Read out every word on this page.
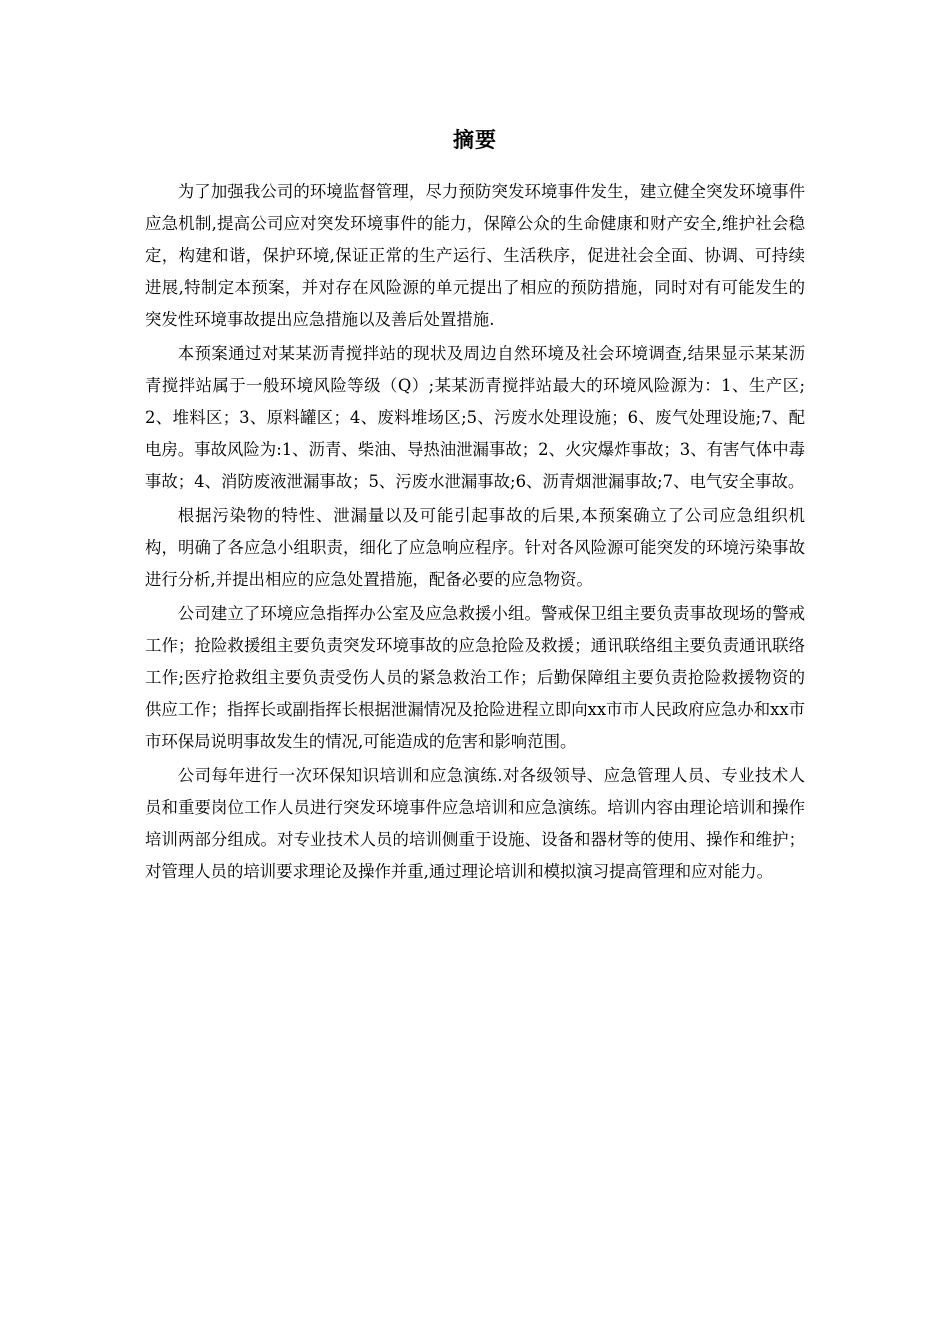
摘要

为了加强我公司的环境监督管理，尽力预防突发环境事件发生，建立健全突发环境事件应急机制,提高公司应对突发环境事件的能力，保障公众的生命健康和财产安全,维护社会稳定，构建和谐，保护环境,保证正常的生产运行、生活秩序，促进社会全面、协调、可持续进展,特制定本预案，并对存在风险源的单元提出了相应的预防措施，同时对有可能发生的突发性环境事故提出应急措施以及善后处置措施.

本预案通过对某某沥青搅拌站的现状及周边自然环境及社会环境调查,结果显示某某沥青搅拌站属于一般环境风险等级（Q）;某某沥青搅拌站最大的环境风险源为：1、生产区;2、堆料区；3、原料罐区；4、废料堆场区;5、污废水处理设施；6、废气处理设施;7、配电房。事故风险为:1、沥青、柴油、导热油泄漏事故；2、火灾爆炸事故；3、有害气体中毒事故；4、消防废液泄漏事故；5、污废水泄漏事故;6、沥青烟泄漏事故;7、电气安全事故。

根据污染物的特性、泄漏量以及可能引起事故的后果,本预案确立了公司应急组织机构，明确了各应急小组职责，细化了应急响应程序。针对各风险源可能突发的环境污染事故进行分析,并提出相应的应急处置措施，配备必要的应急物资。

公司建立了环境应急指挥办公室及应急救援小组。警戒保卫组主要负责事故现场的警戒工作；抢险救援组主要负责突发环境事故的应急抢险及救援；通讯联络组主要负责通讯联络工作;医疗抢救组主要负责受伤人员的紧急救治工作；后勤保障组主要负责抢险救援物资的供应工作；指挥长或副指挥长根据泄漏情况及抢险进程立即向xx市市人民政府应急办和xx市市环保局说明事故发生的情况,可能造成的危害和影响范围。

公司每年进行一次环保知识培训和应急演练.对各级领导、应急管理人员、专业技术人员和重要岗位工作人员进行突发环境事件应急培训和应急演练。培训内容由理论培训和操作培训两部分组成。对专业技术人员的培训侧重于设施、设备和器材等的使用、操作和维护；对管理人员的培训要求理论及操作并重,通过理论培训和模拟演习提高管理和应对能力。
